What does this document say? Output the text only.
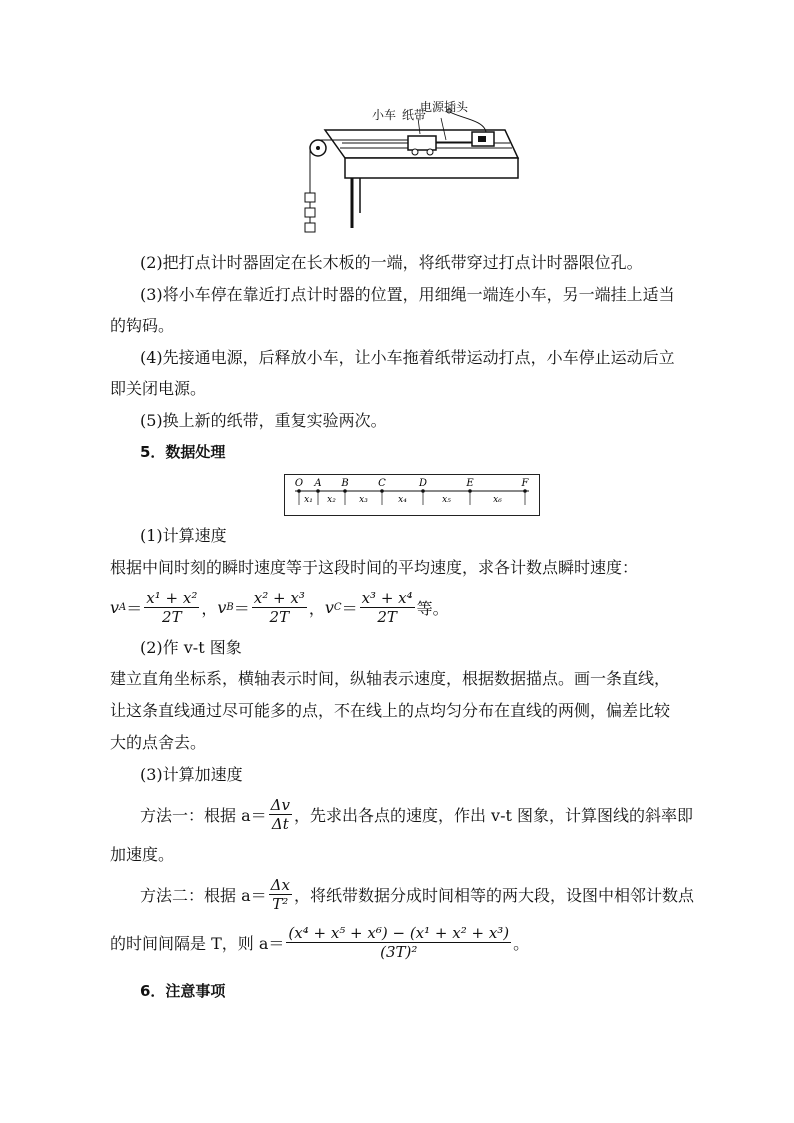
小车 纸带
电源插头
(2)把打点计时器固定在长木板的一端，将纸带穿过打点计时器限位孔。
(3)将小车停在靠近打点计时器的位置，用细绳一端连小车，另一端挂上适当
的钩码。
(4)先接通电源，后释放小车，让小车拖着纸带运动打点，小车停止运动后立
即关闭电源。
(5)换上新的纸带，重复实验两次。
5．数据处理
O A B	C	D	E	F
x₁ x₂	x₃	x₄	x₅	x₆
(1)计算速度
根据中间时刻的瞬时速度等于这段时间的平均速度，求各计数点瞬时速度：
v $A = \frac{\text{x¹ + x²}}{2T}$ ， v $B = \frac{\text{x² + x³}}{2T}$ ， v $C = \frac{\text{x³ + x⁴}}{2T}$ 等。
(2)作 v-t 图象
建立直角坐标系，横轴表示时间，纵轴表示速度，根据数据描点。画一条直线，
让这条直线通过尽可能多的点，不在线上的点均匀分布在直线的两侧，偏差比较
大的点舍去。
(3)计算加速度
方法一：根据 $a= \frac{\Delta v}{\Delta t}$ ，先求出各点的速度，作出 v-t 图象，计算图线的斜率即
加速度。
方法二：根据 $a= \frac{\Delta x}{\text{T²}}$ ，将纸带数据分成时间相等的两大段，设图中相邻计数点
的时间间隔是 T，则 $a= \frac{\text{(x⁴ + x⁵ + x⁶) − (x¹ + x² + x³)}}{\text{(3T)²}}$ 。
6．注意事项
